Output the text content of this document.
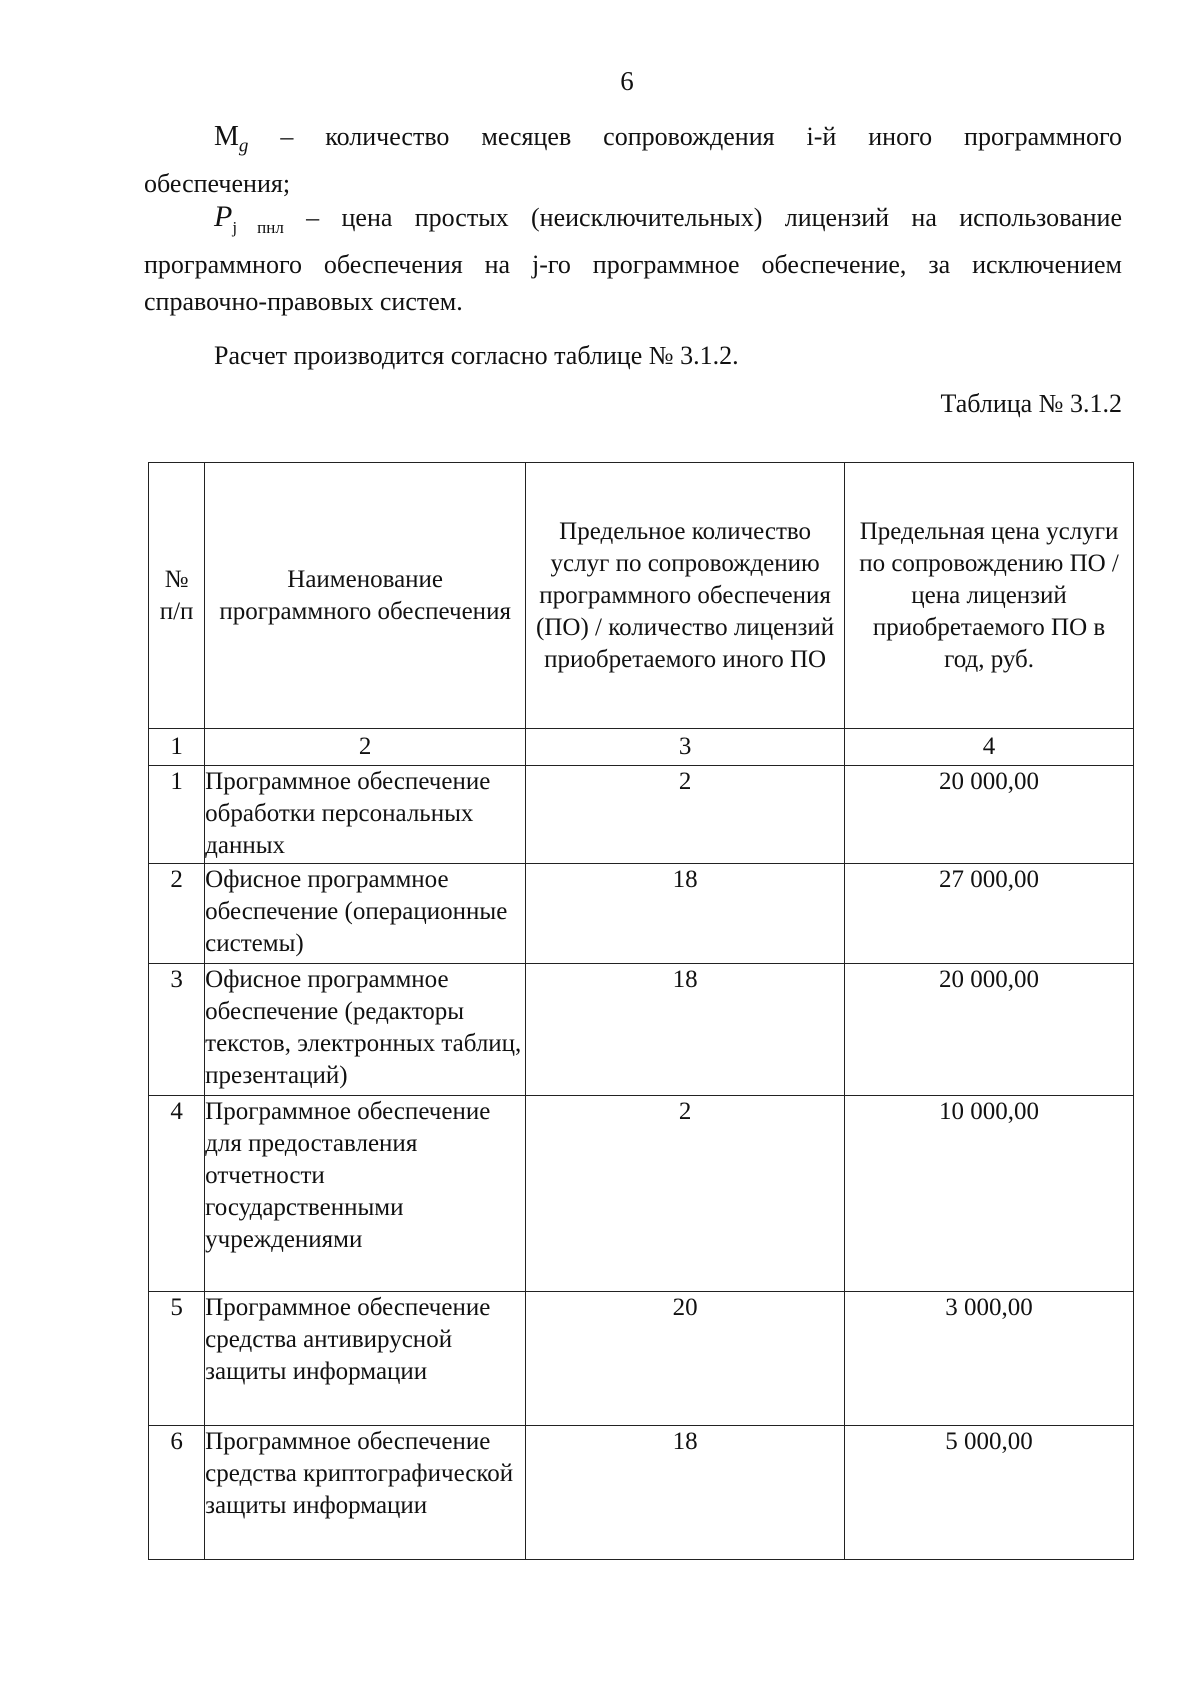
6
$M_g$ – количество месяцев сопровождения i-й иного программного
обеспечения;
$P_{j пнл}$ – цена простых (неисключительных) лицензий на использование
программного обеспечения на j-го программное обеспечение, за исключением справочно-правовых систем.
Расчет производится согласно таблице № 3.1.2.
Таблица № 3.1.2
№ п/п	Наименование программного обеспечения	Предельное количество услуг по сопровождению программного обеспечения (ПО) / количество лицензий приобретаемого иного ПО	Предельная цена услуги по сопровождению ПО / цена лицензий приобретаемого ПО в год, руб.
1	2	3	4
1	Программное обеспечение обработки персональных данных	2	20 000,00
2	Офисное программное обеспечение (операционные системы)	18	27 000,00
3	Офисное программное обеспечение (редакторы текстов, электронных таблиц, презентаций)	18	20 000,00
4	Программное обеспечение для предоставления отчетности государственными учреждениями	2	10 000,00
5	Программное обеспечение средства антивирусной защиты информации	20	3 000,00
6	Программное обеспечение средства криптографической защиты информации	18	5 000,00
